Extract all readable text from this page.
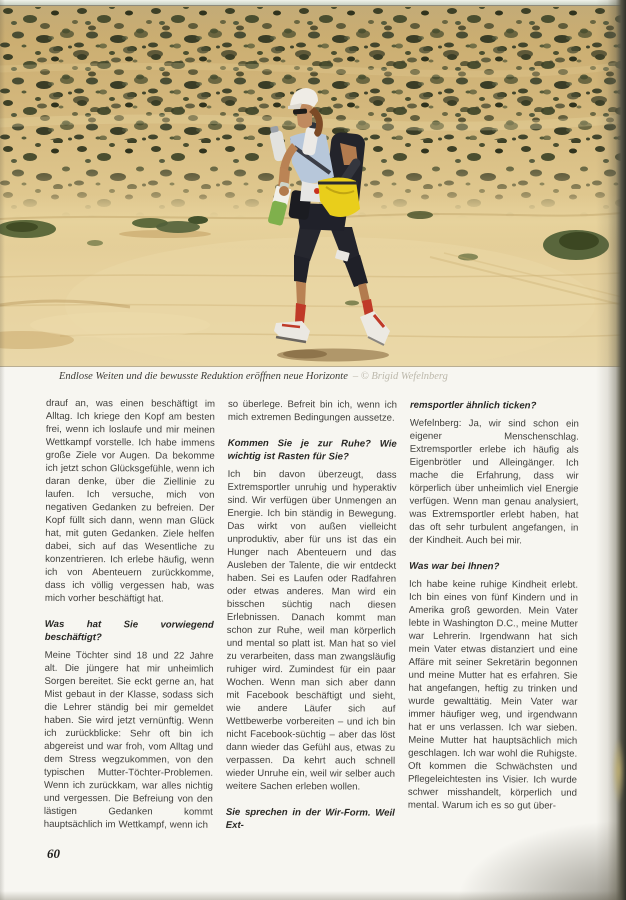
Endlose Weiten und die bewusste Reduktion eröffnen neue Horizonte – © Brigid Wefelnberg

drauf an, was einen beschäftigt im Alltag. Ich kriege den Kopf am besten frei, wenn ich loslaufe und mir meinen Wettkampf vorstelle. Ich habe immens große Ziele vor Augen. Da bekomme ich jetzt schon Glücksgefühle, wenn ich daran denke, über die Ziellinie zu laufen. Ich versuche, mich von negativen Gedanken zu befreien. Der Kopf füllt sich dann, wenn man Glück hat, mit guten Gedanken. Ziele helfen dabei, sich auf das Wesentliche zu konzentrieren. Ich erlebe häufig, wenn ich von Abenteuern zurückkomme, dass ich völlig vergessen hab, was mich vorher beschäftigt hat.

Was hat Sie vorwiegend beschäftigt?

Meine Töchter sind 18 und 22 Jahre alt. Die jüngere hat mir unheimlich Sorgen bereitet. Sie eckt gerne an, hat Mist gebaut in der Klasse, sodass sich die Lehrer ständig bei mir gemeldet haben. Sie wird jetzt vernünftig. Wenn ich zurückblicke: Sehr oft bin ich abgereist und war froh, vom Alltag und dem Stress wegzukommen, von den typischen Mutter-Töchter-Problemen. Wenn ich zurückkam, war alles nichtig und vergessen. Die Befreiung von den lästigen Gedanken kommt hauptsächlich im Wettkampf, wenn ich

so überlege. Befreit bin ich, wenn ich mich extremen Bedingungen aussetze.

Kommen Sie je zur Ruhe? Wie wichtig ist Rasten für Sie?

Ich bin davon überzeugt, dass Extremsportler unruhig und hyperaktiv sind. Wir verfügen über Unmengen an Energie. Ich bin ständig in Bewegung. Das wirkt von außen vielleicht unproduktiv, aber für uns ist das ein Hunger nach Abenteuern und das Ausleben der Talente, die wir entdeckt haben. Sei es Laufen oder Radfahren oder etwas anderes. Man wird ein bisschen süchtig nach diesen Erlebnissen. Danach kommt man schon zur Ruhe, weil man körperlich und mental so platt ist. Man hat so viel zu verarbeiten, dass man zwangsläufig ruhiger wird. Zumindest für ein paar Wochen. Wenn man sich aber dann mit Facebook beschäftigt und sieht, wie andere Läufer sich auf Wettbewerbe vorbereiten – und ich bin nicht Facebook-süchtig – aber das löst dann wieder das Gefühl aus, etwas zu verpassen. Da kehrt auch schnell wieder Unruhe ein, weil wir selber auch weitere Sachen erleben wollen.

Sie sprechen in der Wir-Form. Weil Ext-

remsportler ähnlich ticken?

Wefelnberg: Ja, wir sind schon ein eigener Menschenschlag. Extremsportler erlebe ich häufig als Eigenbrötler und Alleingänger. Ich mache die Erfahrung, dass wir körperlich über unheimlich viel Energie verfügen. Wenn man genau analysiert, was Extremsportler erlebt haben, hat das oft sehr turbulent angefangen, in der Kindheit. Auch bei mir.

Was war bei Ihnen?

Ich habe keine ruhige Kindheit erlebt. Ich bin eines von fünf Kindern und in Amerika groß geworden. Mein Vater lebte in Washington D.C., meine Mutter war Lehrerin. Irgendwann hat sich mein Vater etwas distanziert und eine Affäre mit seiner Sekretärin begonnen und meine Mutter hat es erfahren. Sie hat angefangen, heftig zu trinken und wurde gewalttätig. Mein Vater war immer häufiger weg, und irgendwann hat er uns verlassen. Ich war sieben. Meine Mutter hat hauptsächlich mich geschlagen. Ich war wohl die Ruhigste. Oft kommen die Schwächsten und Pflegeleichtesten ins Visier. Ich wurde schwer misshandelt, körperlich und mental. Warum ich es so gut über-

60
